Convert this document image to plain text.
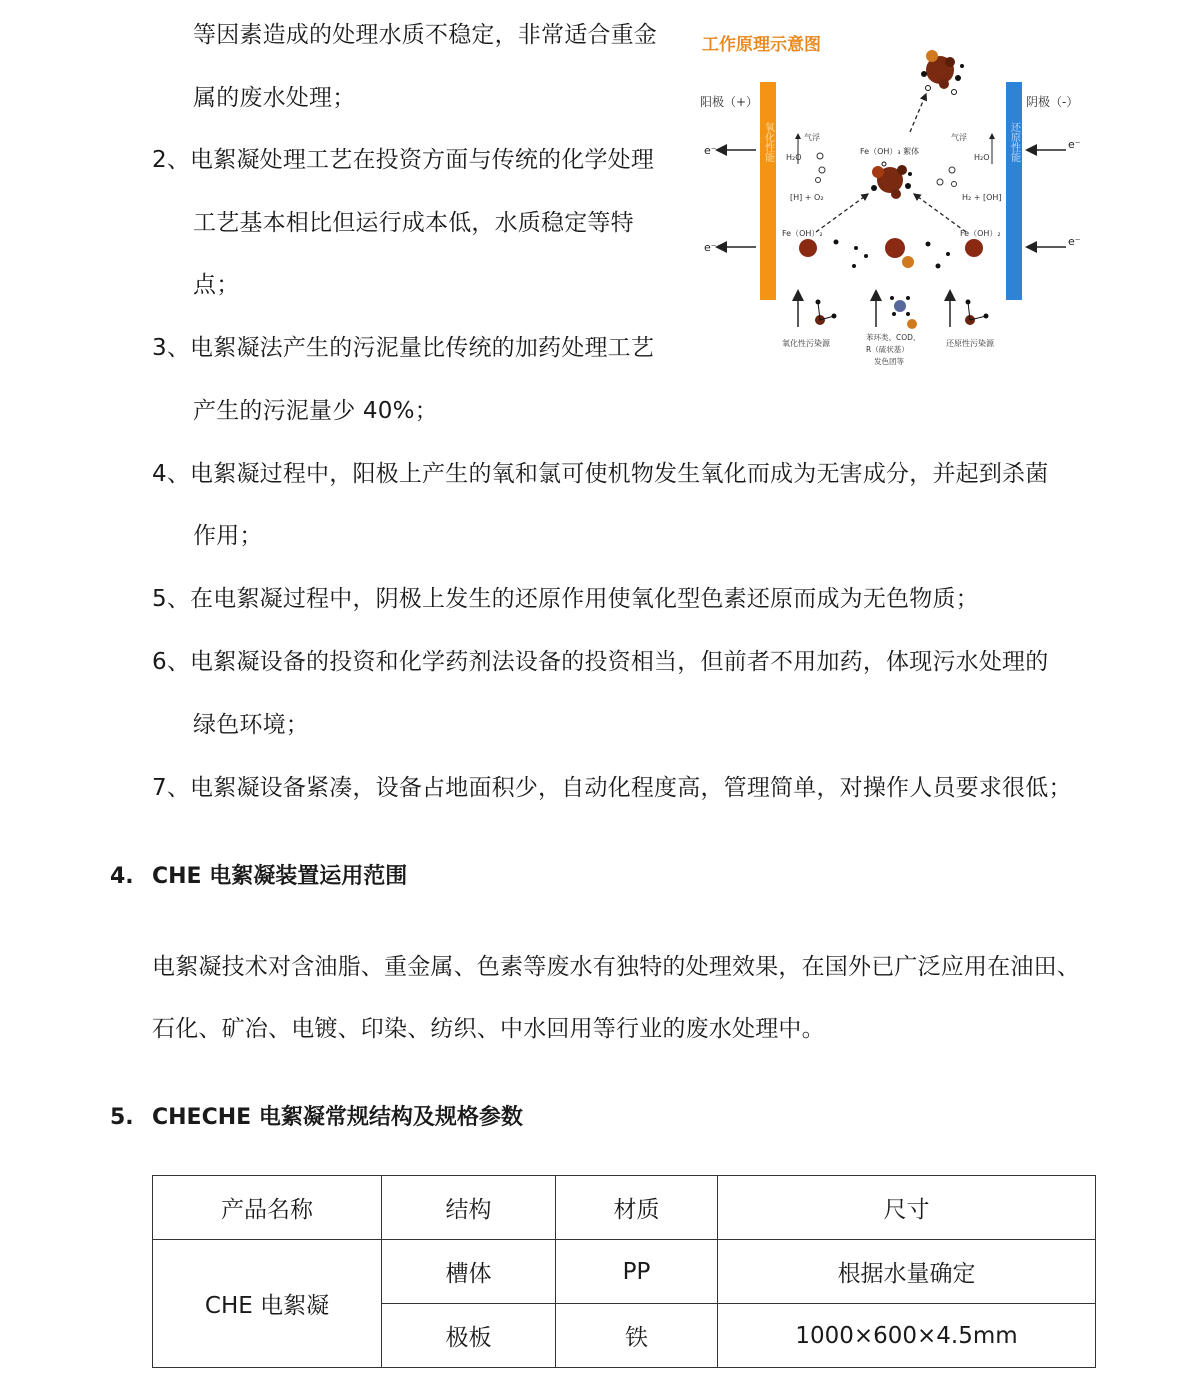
等因素造成的处理水质不稳定，非常适合重金
属的废水处理；
2、电絮凝处理工艺在投资方面与传统的化学处理
工艺基本相比但运行成本低，水质稳定等特
点；
3、电絮凝法产生的污泥量比传统的加药处理工艺
产生的污泥量少 40%；
4、电絮凝过程中，阳极上产生的氧和氯可使机物发生氧化而成为无害成分，并起到杀菌
作用；
5、在电絮凝过程中，阴极上发生的还原作用使氧化型色素还原而成为无色物质；
6、电絮凝设备的投资和化学药剂法设备的投资相当，但前者不用加药，体现污水处理的
绿色环境；
7、电絮凝设备紧凑，设备占地面积少，自动化程度高，管理简单，对操作人员要求很低；
4. CHE 电絮凝装置运用范围
电絮凝技术对含油脂、重金属、色素等废水有独特的处理效果，在国外已广泛应用在油田、
石化、矿冶、电镀、印染、纺织、中水回用等行业的废水处理中。
5. CHECHE 电絮凝常规结构及规格参数
产品名称	结构	材质	尺寸
CHE 电絮凝	槽体	PP	根据水量确定
	极板	铁	1000×600×4.5mm
工作原理示意图
阳极（+）	阴极（-）
氧化性能	还原性能
e⁻
e⁻
e⁻
e⁻
气浮
H₂O
[H] + O₂
气浮
H₂O
H₂ + [OH]
Fe（OH）₃ 絮体
Fe（OH）₂	Fe（OH）₂
氧化性污染源
苯环类、COD、
R（硫状基）
发色团等
还原性污染源
